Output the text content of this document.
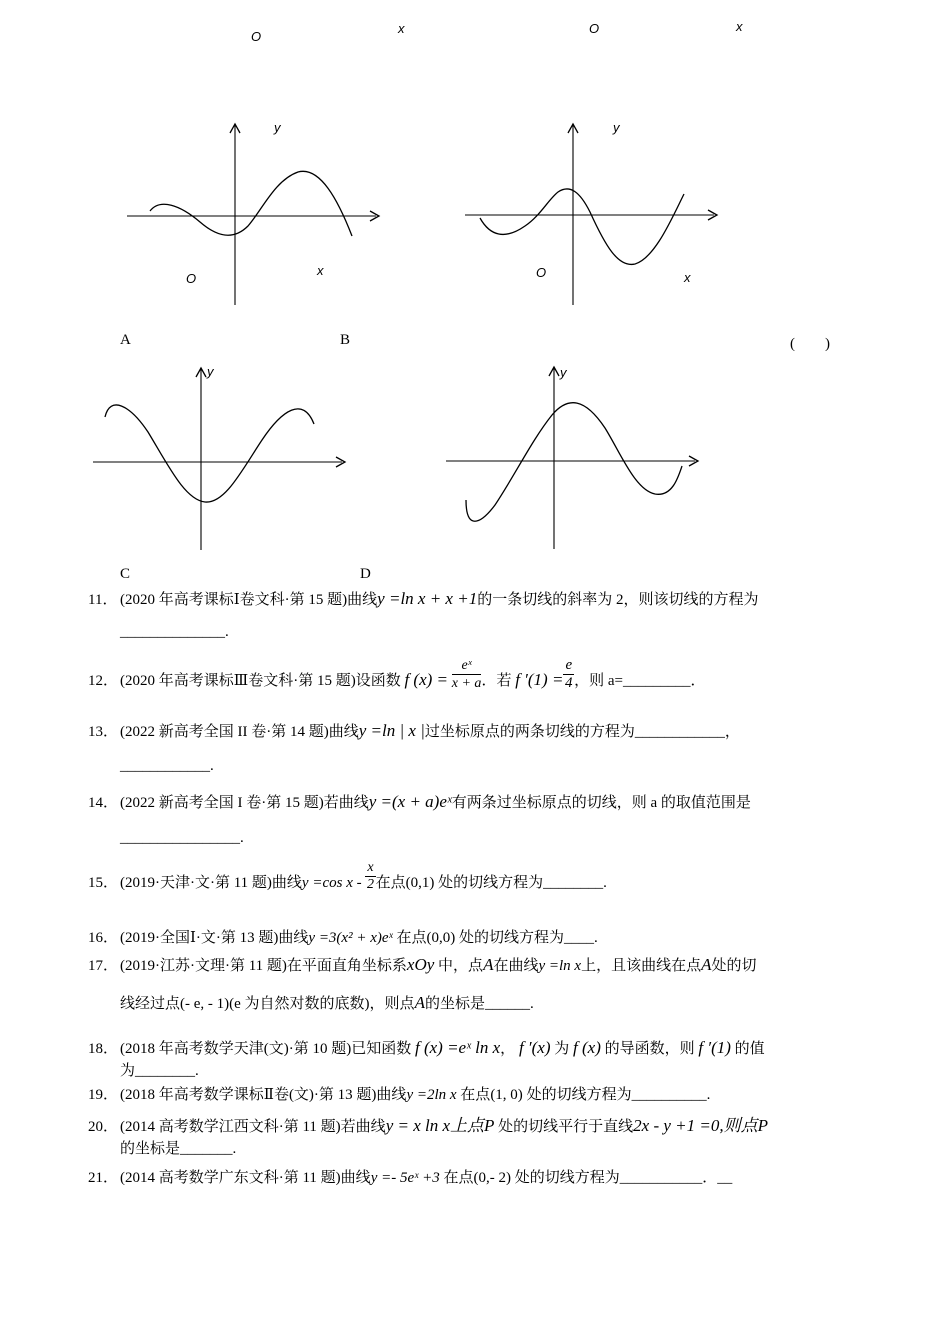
O
x	O	x
y
O
x
A
y
O	x
B	(　　)
y
C
y
D
11． (2020 年高考课标Ⅰ卷文科·第 15 题)曲线y =ln x + x +1的一条切线的斜率为 2，则该切线的方程为
______________.
12． (2020 年高考课标Ⅲ卷文科·第 15 题)设函数 f $(x) = \frac{\text{eˣ}}{x + a}$ ．若 f $'(1) = \frac{e}{4}$ ，则 a=_________．
13． (2022 新高考全国 II 卷·第 14 题)曲线y =ln | x |过坐标原点的两条切线的方程为____________，
____________.
14． (2022 新高考全国 I 卷·第 15 题)若曲线y =(x + a)eˣ有两条过坐标原点的切线，则 a 的取值范围是
________________.
15． (2019·天津·文·第 11 题)曲线y =cos x - $\frac{x}{2}$ 在点(0,1) 处的切线方程为________.
16． (2019·全国Ⅰ·文·第 13 题)曲线y =3(x² + x)eˣ 在点(0,0) 处的切线方程为____.
17． (2019·江苏·文理·第 11 题)在平面直角坐标系xOy 中，点A在曲线y =ln x上，且该曲线在点A处的切
线经过点(- e, - 1)(e 为自然对数的底数)，则点A的坐标是______.
18． (2018 年高考数学天津(文)·第 10 题)已知函数 f (x) =eˣ ln x， f ′(x) 为 f (x) 的导函数，则 f ′(1) 的值
为________.
19． (2018 年高考数学课标Ⅱ卷(文)·第 13 题)曲线y =2ln x 在点(1, 0) 处的切线方程为__________.
20． (2014 高考数学江西文科·第 11 题)若曲线y = x ln x上点P 处的切线平行于直线2x - y +1 =0,则点P
的坐标是_______.
21． (2014 高考数学广东文科·第 11 题)曲线y =- 5eˣ +3 在点(0,- 2) 处的切线方程为___________．__
